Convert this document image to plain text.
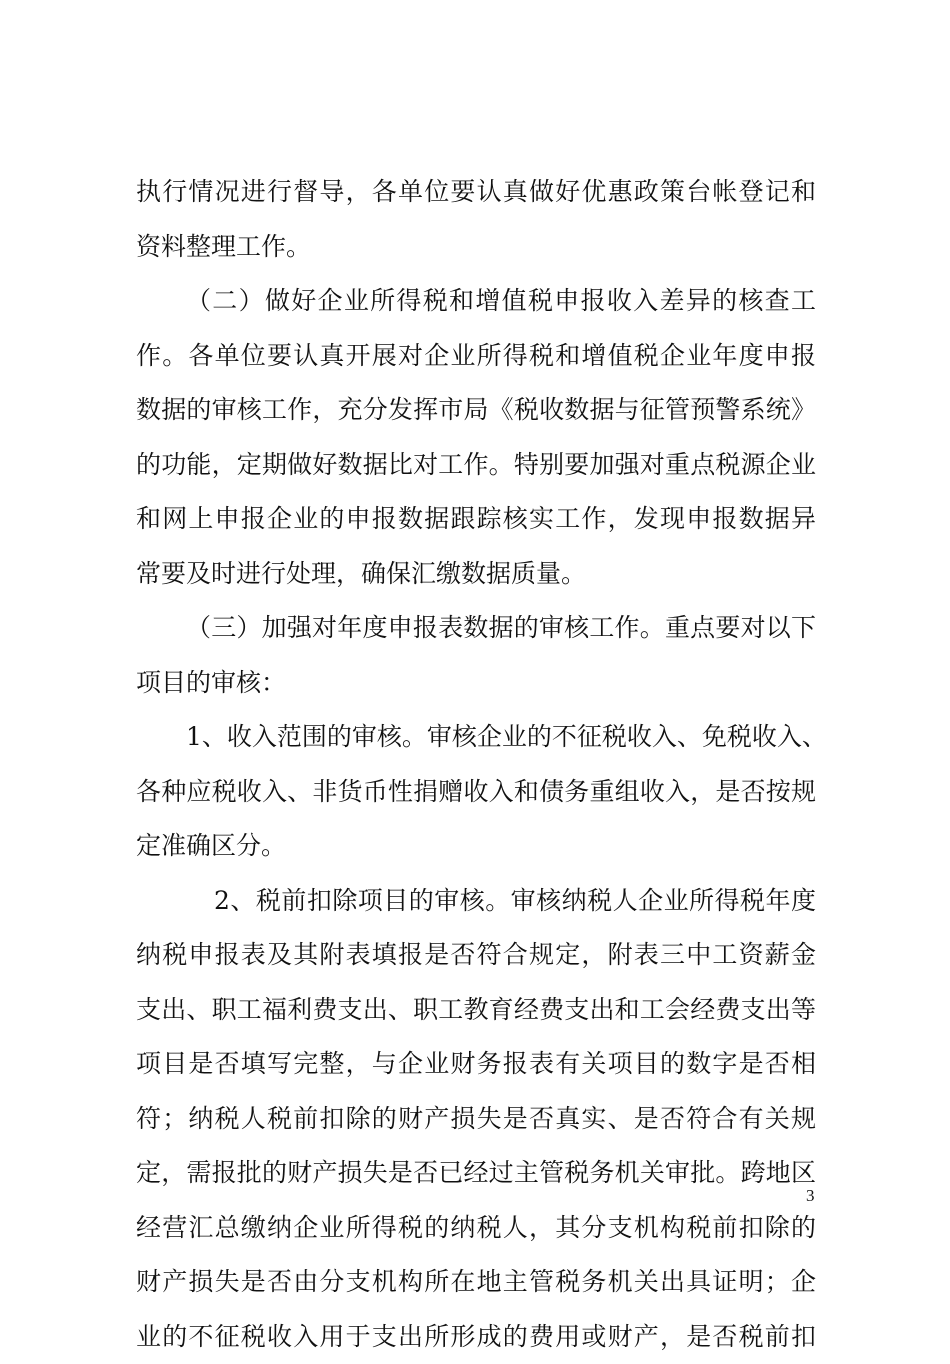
执行情况进行督导，各单位要认真做好优惠政策台帐登记和
资料整理工作。
（二）做好企业所得税和增值税申报收入差异的核查工
作。各单位要认真开展对企业所得税和增值税企业年度申报
数据的审核工作，充分发挥市局《税收数据与征管预警系统》
的功能，定期做好数据比对工作。特别要加强对重点税源企业
和网上申报企业的申报数据跟踪核实工作，发现申报数据异
常要及时进行处理，确保汇缴数据质量。
（三）加强对年度申报表数据的审核工作。重点要对以下
项目的审核：
1、收入范围的审核。审核企业的不征税收入、免税收入、
各种应税收入、非货币性捐赠收入和债务重组收入，是否按规
定准确区分。
2、税前扣除项目的审核。审核纳税人企业所得税年度
纳税申报表及其附表填报是否符合规定，附表三中工资薪金
支出、职工福利费支出、职工教育经费支出和工会经费支出等
项目是否填写完整，与企业财务报表有关项目的数字是否相
符；纳税人税前扣除的财产损失是否真实、是否符合有关规
定，需报批的财产损失是否已经过主管税务机关审批。跨地区
经营汇总缴纳企业所得税的纳税人，其分支机构税前扣除的
财产损失是否由分支机构所在地主管税务机关出具证明；企
业的不征税收入用于支出所形成的费用或财产，是否税前扣
3
